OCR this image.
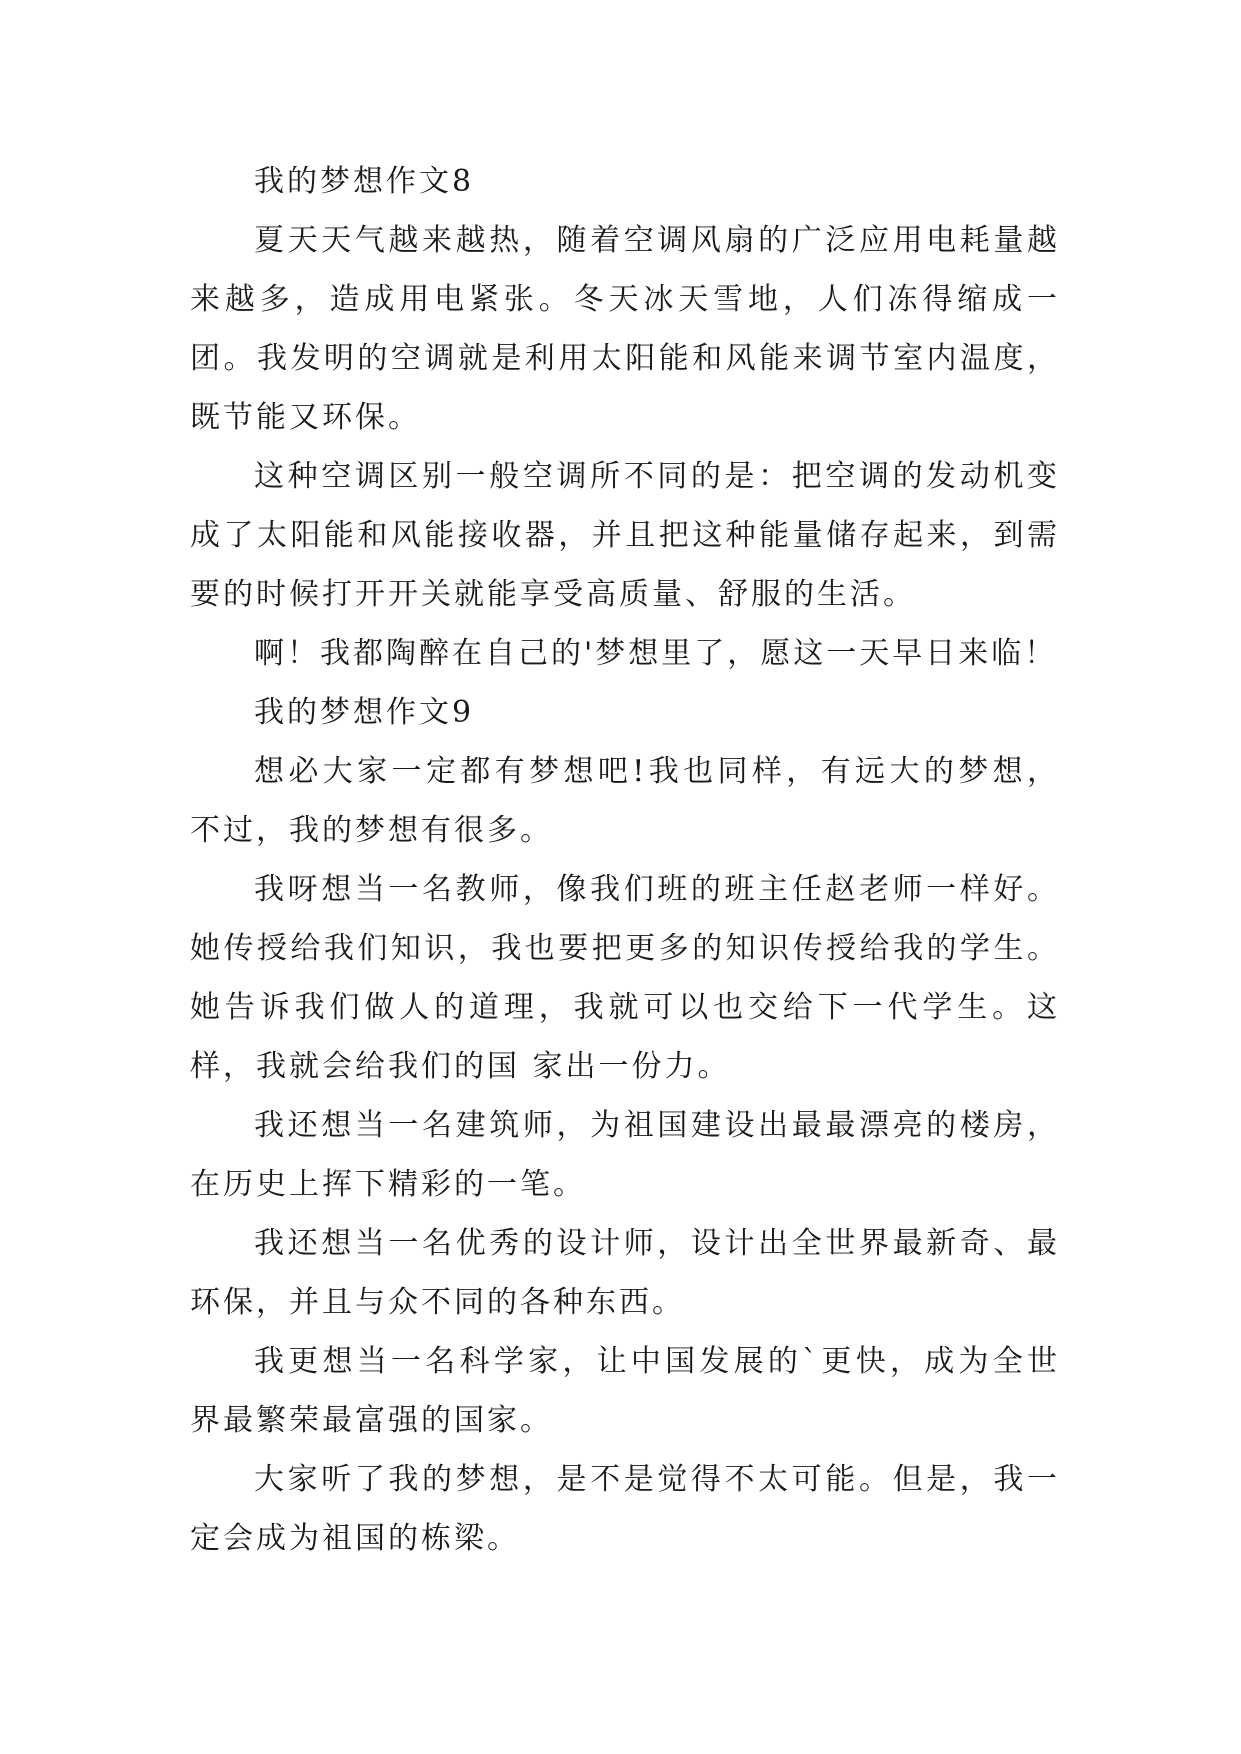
我的梦想作文8

夏天天气越来越热，随着空调风扇的广泛应用电耗量越来越多，造成用电紧张。冬天冰天雪地，人们冻得缩成一团。我发明的空调就是利用太阳能和风能来调节室内温度，既节能又环保。

这种空调区别一般空调所不同的是：把空调的发动机变成了太阳能和风能接收器，并且把这种能量储存起来，到需要的时候打开开关就能享受高质量、舒服的生活。

啊！我都陶醉在自己的'梦想里了，愿这一天早日来临！

我的梦想作文9

想必大家一定都有梦想吧!我也同样，有远大的梦想，不过，我的梦想有很多。

我呀想当一名教师，像我们班的班主任赵老师一样好。她传授给我们知识，我也要把更多的知识传授给我的学生。她告诉我们做人的道理，我就可以也交给下一代学生。这样，我就会给我们的国 家出一份力。

我还想当一名建筑师，为祖国建设出最最漂亮的楼房，在历史上挥下精彩的一笔。

我还想当一名优秀的设计师，设计出全世界最新奇、最环保，并且与众不同的各种东西。

我更想当一名科学家，让中国发展的`更快，成为全世界最繁荣最富强的国家。

大家听了我的梦想，是不是觉得不太可能。但是，我一定会成为祖国的栋梁。
